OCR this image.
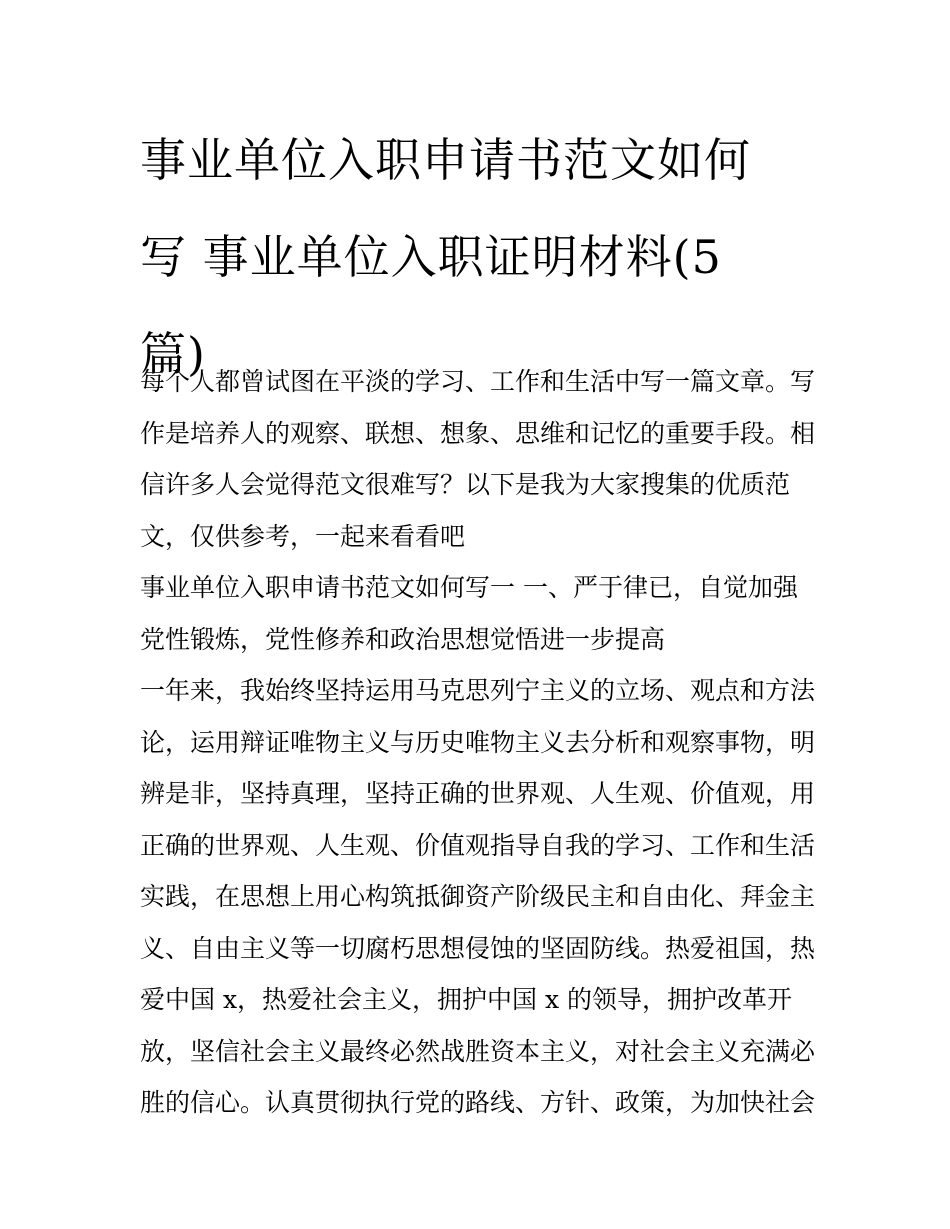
事业单位入职申请书范文如何
写 事业单位入职证明材料(5
篇)

每个人都曾试图在平淡的学习、工作和生活中写一篇文章。写
作是培养人的观察、联想、想象、思维和记忆的重要手段。相
信许多人会觉得范文很难写？以下是我为大家搜集的优质范
文，仅供参考，一起来看看吧

事业单位入职申请书范文如何写一 一、严于律已，自觉加强
党性锻炼，党性修养和政治思想觉悟进一步提高

一年来，我始终坚持运用马克思列宁主义的立场、观点和方法
论，运用辩证唯物主义与历史唯物主义去分析和观察事物，明
辨是非，坚持真理，坚持正确的世界观、人生观、价值观，用
正确的世界观、人生观、价值观指导自我的学习、工作和生活
实践，在思想上用心构筑抵御资产阶级民主和自由化、拜金主
义、自由主义等一切腐朽思想侵蚀的坚固防线。热爱祖国，热
爱中国 x，热爱社会主义，拥护中国 x 的领导，拥护改革开
放，坚信社会主义最终必然战胜资本主义，对社会主义充满必
胜的信心。认真贯彻执行党的路线、方针、政策，为加快社会
